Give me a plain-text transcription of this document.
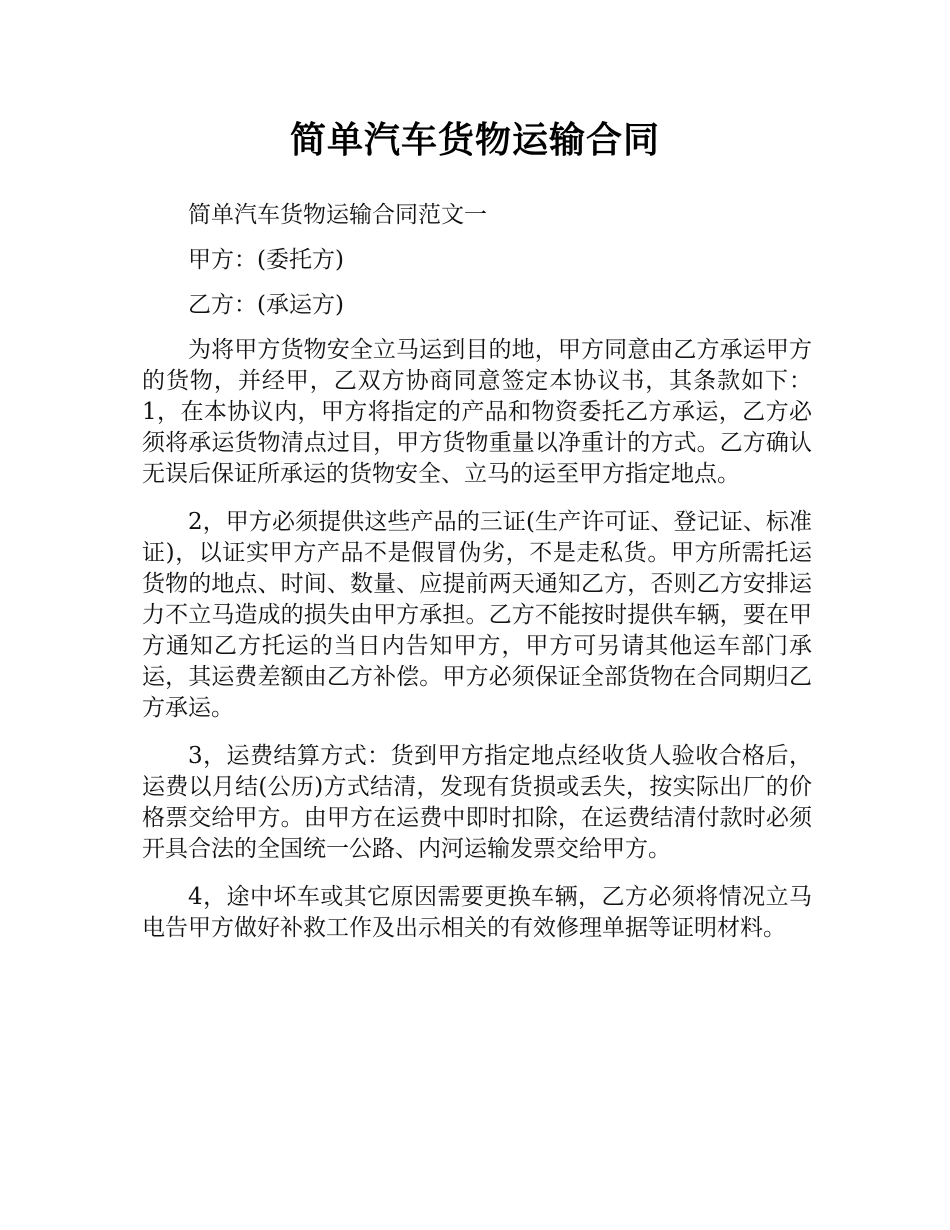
简单汽车货物运输合同

简单汽车货物运输合同范文一

甲方：(委托方)

乙方：(承运方)

为将甲方货物安全立马运到目的地，甲方同意由乙方承运甲方的货物，并经甲，乙双方协商同意签定本协议书，其条款如下：1，在本协议内，甲方将指定的产品和物资委托乙方承运，乙方必须将承运货物清点过目，甲方货物重量以净重计的方式。乙方确认无误后保证所承运的货物安全、立马的运至甲方指定地点。

2，甲方必须提供这些产品的三证(生产许可证、登记证、标准证)，以证实甲方产品不是假冒伪劣，不是走私货。甲方所需托运货物的地点、时间、数量、应提前两天通知乙方，否则乙方安排运力不立马造成的损失由甲方承担。乙方不能按时提供车辆，要在甲方通知乙方托运的当日内告知甲方，甲方可另请其他运车部门承运，其运费差额由乙方补偿。甲方必须保证全部货物在合同期归乙方承运。

3，运费结算方式：货到甲方指定地点经收货人验收合格后，运费以月结(公历)方式结清，发现有货损或丢失，按实际出厂的价格票交给甲方。由甲方在运费中即时扣除，在运费结清付款时必须开具合法的全国统一公路、内河运输发票交给甲方。

4，途中坏车或其它原因需要更换车辆，乙方必须将情况立马电告甲方做好补救工作及出示相关的有效修理单据等证明材料。
